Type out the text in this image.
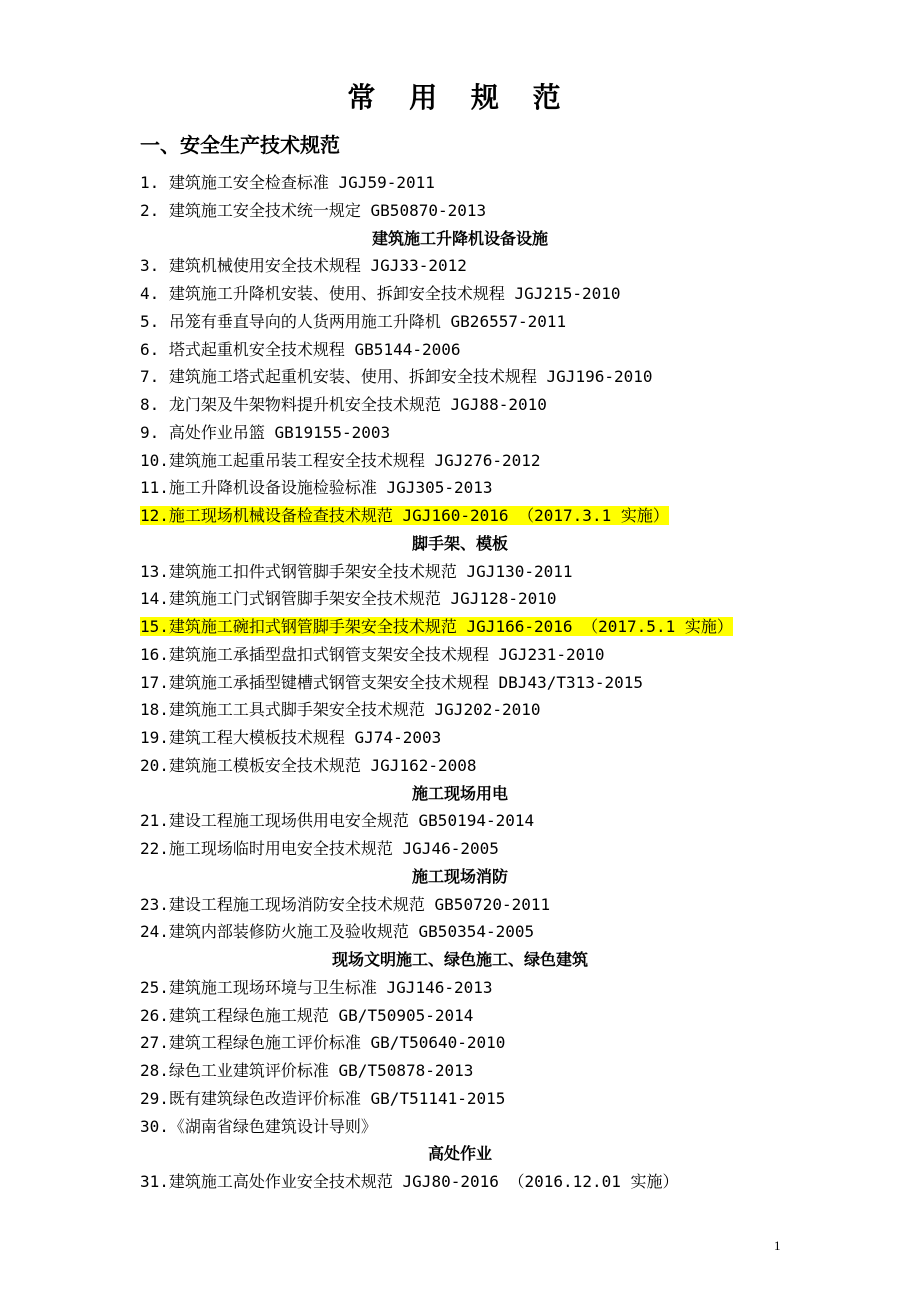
常 用 规 范
一、安全生产技术规范
1. 建筑施工安全检查标准 JGJ59-2011
2. 建筑施工安全技术统一规定 GB50870-2013
建筑施工升降机设备设施
3. 建筑机械使用安全技术规程 JGJ33-2012
4. 建筑施工升降机安装、使用、拆卸安全技术规程 JGJ215-2010
5. 吊笼有垂直导向的人货两用施工升降机 GB26557-2011
6. 塔式起重机安全技术规程 GB5144-2006
7. 建筑施工塔式起重机安装、使用、拆卸安全技术规程 JGJ196-2010
8. 龙门架及牛架物料提升机安全技术规范 JGJ88-2010
9. 高处作业吊篮 GB19155-2003
10.建筑施工起重吊装工程安全技术规程 JGJ276-2012
11.施工升降机设备设施检验标准 JGJ305-2013
12.施工现场机械设备检查技术规范 JGJ160-2016 （2017.3.1 实施）
脚手架、模板
13.建筑施工扣件式钢管脚手架安全技术规范 JGJ130-2011
14.建筑施工门式钢管脚手架安全技术规范 JGJ128-2010
15.建筑施工碗扣式钢管脚手架安全技术规范 JGJ166-2016 （2017.5.1 实施）
16.建筑施工承插型盘扣式钢管支架安全技术规程 JGJ231-2010
17.建筑施工承插型键槽式钢管支架安全技术规程 DBJ43/T313-2015
18.建筑施工工具式脚手架安全技术规范 JGJ202-2010
19.建筑工程大模板技术规程 GJ74-2003
20.建筑施工模板安全技术规范 JGJ162-2008
施工现场用电
21.建设工程施工现场供用电安全规范 GB50194-2014
22.施工现场临时用电安全技术规范 JGJ46-2005
施工现场消防
23.建设工程施工现场消防安全技术规范 GB50720-2011
24.建筑内部装修防火施工及验收规范 GB50354-2005
现场文明施工、绿色施工、绿色建筑
25.建筑施工现场环境与卫生标准 JGJ146-2013
26.建筑工程绿色施工规范 GB/T50905-2014
27.建筑工程绿色施工评价标准 GB/T50640-2010
28.绿色工业建筑评价标准 GB/T50878-2013
29.既有建筑绿色改造评价标准 GB/T51141-2015
30.《湖南省绿色建筑设计导则》
高处作业
31.建筑施工高处作业安全技术规范 JGJ80-2016 （2016.12.01 实施）
1
